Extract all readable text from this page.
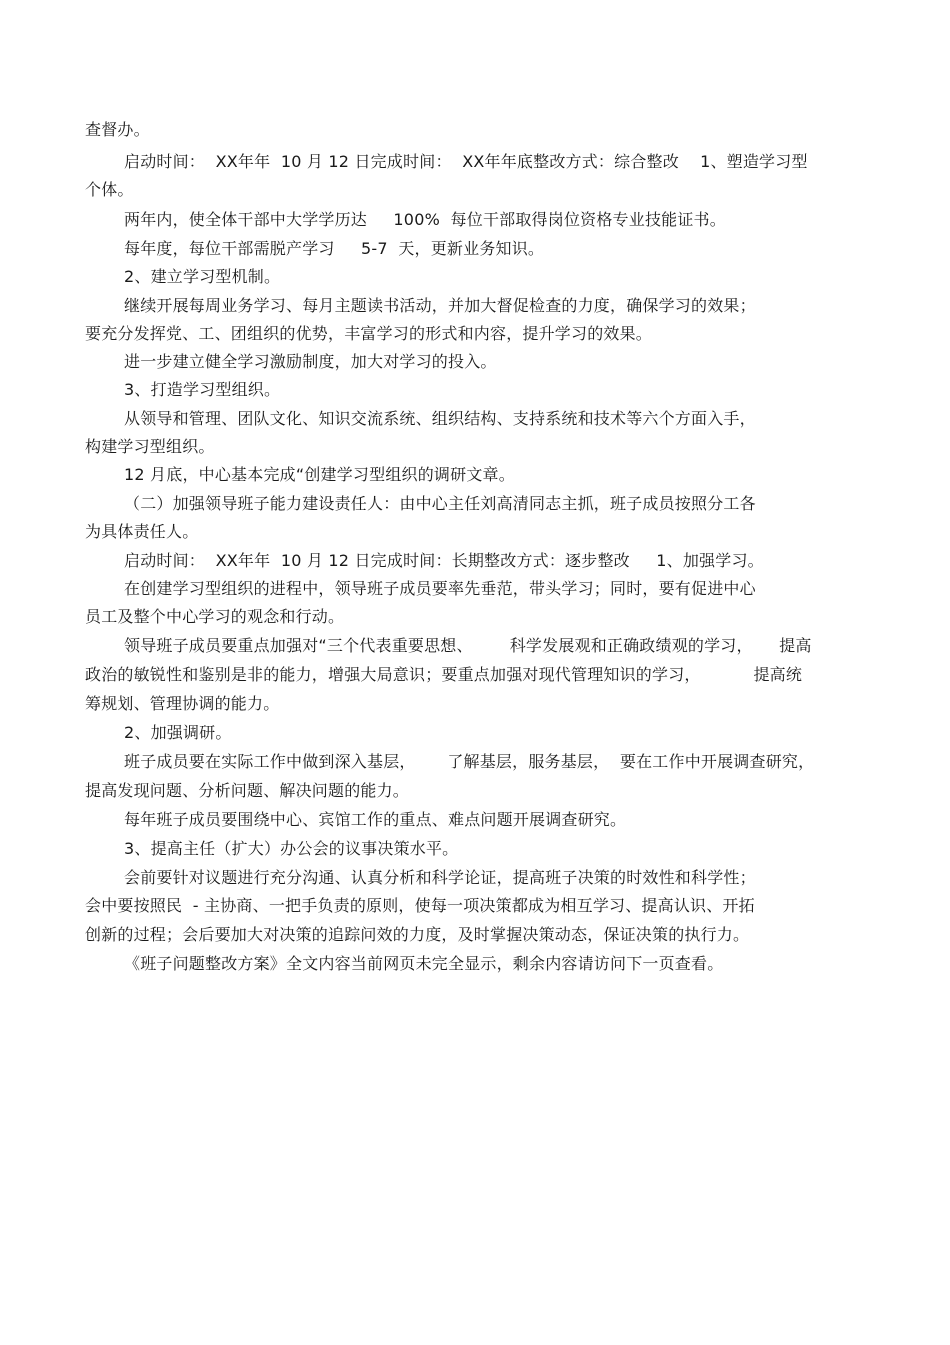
查督办。

启动时间：  XX年年  10 月 12 日完成时间：  XX年年底整改方式：综合整改    1、塑造学习型

个体。

两年内，使全体干部中大学学历达     100%  每位干部取得岗位资格专业技能证书。

每年度，每位干部需脱产学习     5-7  天，更新业务知识。

2、建立学习型机制。

继续开展每周业务学习、每月主题读书活动，并加大督促检查的力度，确保学习的效果；

要充分发挥党、工、团组织的优势，丰富学习的形式和内容，提升学习的效果。

进一步建立健全学习激励制度，加大对学习的投入。

3、打造学习型组织。

从领导和管理、团队文化、知识交流系统、组织结构、支持系统和技术等六个方面入手，

构建学习型组织。

12 月底，中心基本完成“创建学习型组织的调研文章。

（二）加强领导班子能力建设责任人：由中心主任刘高清同志主抓，班子成员按照分工各

为具体责任人。

启动时间：  XX年年  10 月 12 日完成时间：长期整改方式：逐步整改     1、加强学习。

在创建学习型组织的进程中，领导班子成员要率先垂范，带头学习；同时，要有促进中心

员工及整个中心学习的观念和行动。

领导班子成员要重点加强对“三个代表重要思想、       科学发展观和正确政绩观的学习，     提高

政治的敏锐性和鉴别是非的能力，增强大局意识；要重点加强对现代管理知识的学习，          提高统

筹规划、管理协调的能力。

2、加强调研。

班子成员要在实际工作中做到深入基层，      了解基层，服务基层，  要在工作中开展调查研究，

提高发现问题、分析问题、解决问题的能力。

每年班子成员要围绕中心、宾馆工作的重点、难点问题开展调查研究。

3、提高主任（扩大）办公会的议事决策水平。

会前要针对议题进行充分沟通、认真分析和科学论证，提高班子决策的时效性和科学性；

会中要按照民  - 主协商、一把手负责的原则，使每一项决策都成为相互学习、提高认识、开拓

创新的过程；会后要加大对决策的追踪问效的力度，及时掌握决策动态，保证决策的执行力。

《班子问题整改方案》全文内容当前网页未完全显示，剩余内容请访问下一页查看。
